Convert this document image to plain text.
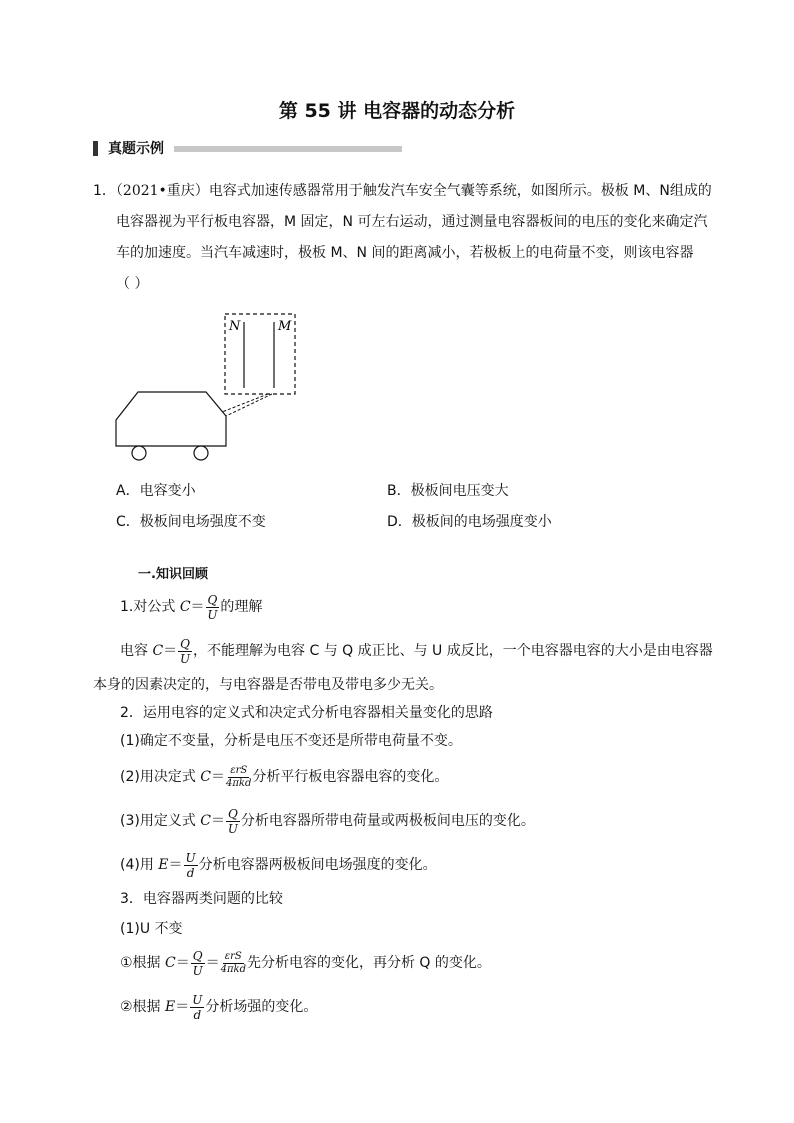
第 55 讲 电容器的动态分析
真题示例
1．（2021•重庆）电容式加速传感器常用于触发汽车安全气囊等系统，如图所示。极板 M、N组成的
电容器视为平行板电容器，M 固定，N 可左右运动，通过测量电容器板间的电压的变化来确定汽
车的加速度。当汽车减速时，极板 M、N 间的距离减小，若极板上的电荷量不变，则该电容器
（ ）
N	M
A．电容变小	B．极板间电压变大
C．极板间电场强度不变	D．极板间的电场强度变小
一.知识回顾
1.对公式 $C= \frac{Q}{U}$ 的理解
电容 $C= \frac{Q}{U}$ ，不能理解为电容 C 与 Q 成正比、与 U 成反比，一个电容器电容的大小是由电容器
本身的因素决定的，与电容器是否带电及带电多少无关。
2．运用电容的定义式和决定式分析电容器相关量变化的思路
(1)确定不变量，分析是电压不变还是所带电荷量不变。
(2)用决定式 $C= \frac{\text{εrS}}{\text{4πkd}}$ 分析平行板电容器电容的变化。
(3)用定义式 $C= \frac{Q}{U}$ 分析电容器所带电荷量或两极板间电压的变化。
(4)用 $E= \frac{U}{d}$ 分析电容器两极板间电场强度的变化。
3．电容器两类问题的比较
(1)U 不变
①根据 $C= \frac{Q}{U} = \frac{\text{εrS}}{\text{4πkd}}$ 先分析电容的变化，再分析 Q 的变化。
②根据 $E= \frac{U}{d}$ 分析场强的变化。
